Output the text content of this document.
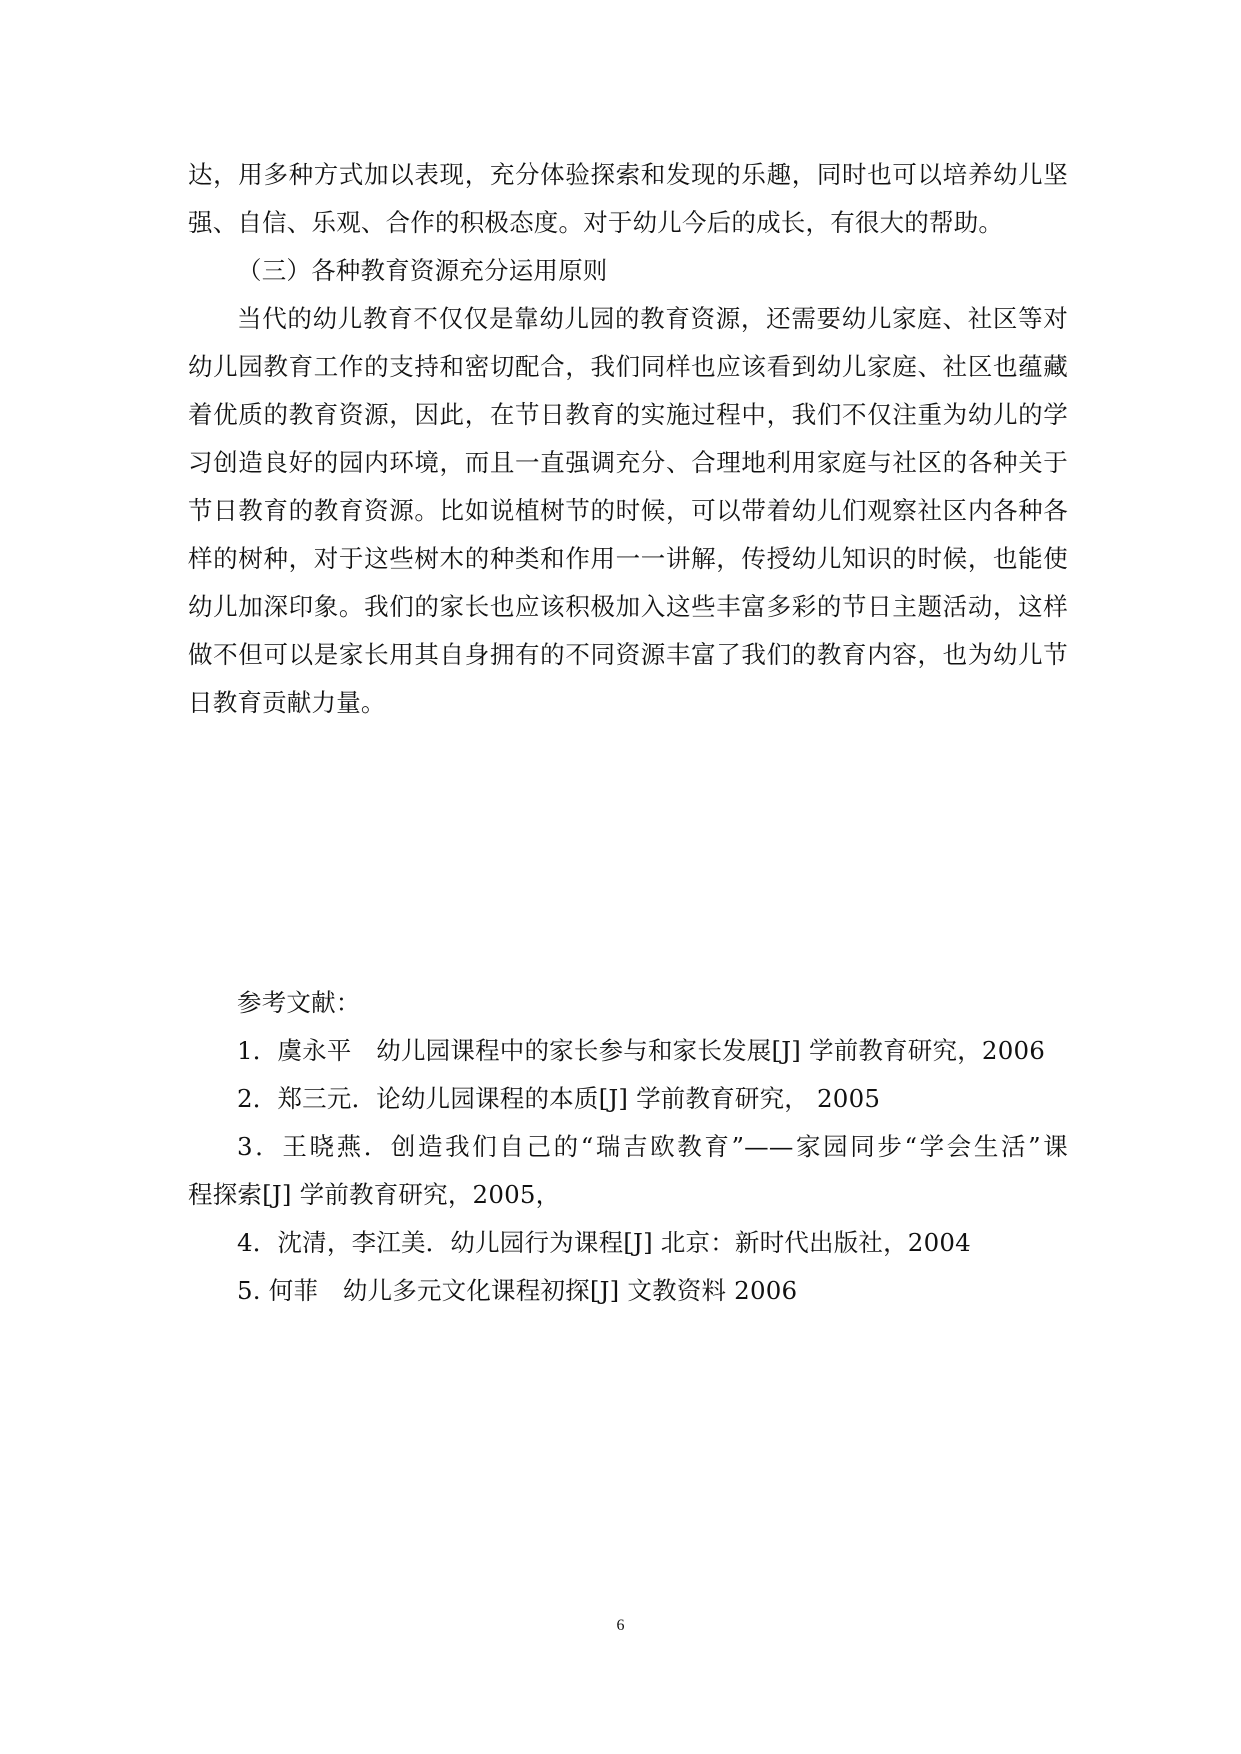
达，用多种方式加以表现，充分体验探索和发现的乐趣，同时也可以培养幼儿坚
强、自信、乐观、合作的积极态度。对于幼儿今后的成长，有很大的帮助。
（三）各种教育资源充分运用原则
当代的幼儿教育不仅仅是靠幼儿园的教育资源，还需要幼儿家庭、社区等对
幼儿园教育工作的支持和密切配合，我们同样也应该看到幼儿家庭、社区也蕴藏
着优质的教育资源，因此，在节日教育的实施过程中，我们不仅注重为幼儿的学
习创造良好的园内环境，而且一直强调充分、合理地利用家庭与社区的各种关于
节日教育的教育资源。比如说植树节的时候，可以带着幼儿们观察社区内各种各
样的树种，对于这些树木的种类和作用一一讲解，传授幼儿知识的时候，也能使
幼儿加深印象。我们的家长也应该积极加入这些丰富多彩的节日主题活动，这样
做不但可以是家长用其自身拥有的不同资源丰富了我们的教育内容，也为幼儿节
日教育贡献力量。
参考文献：
1．虞永平　幼儿园课程中的家长参与和家长发展[J] 学前教育研究，2006
2．郑三元．论幼儿园课程的本质[J] 学前教育研究， 2005
3．王晓燕．创造我们自己的“瑞吉欧教育”——家园同步“学会生活”课
程探索[J] 学前教育研究，2005，
4．沈清，李江美．幼儿园行为课程[J] 北京：新时代出版社，2004
5. 何菲　幼儿多元文化课程初探[J] 文教资料 2006
6
